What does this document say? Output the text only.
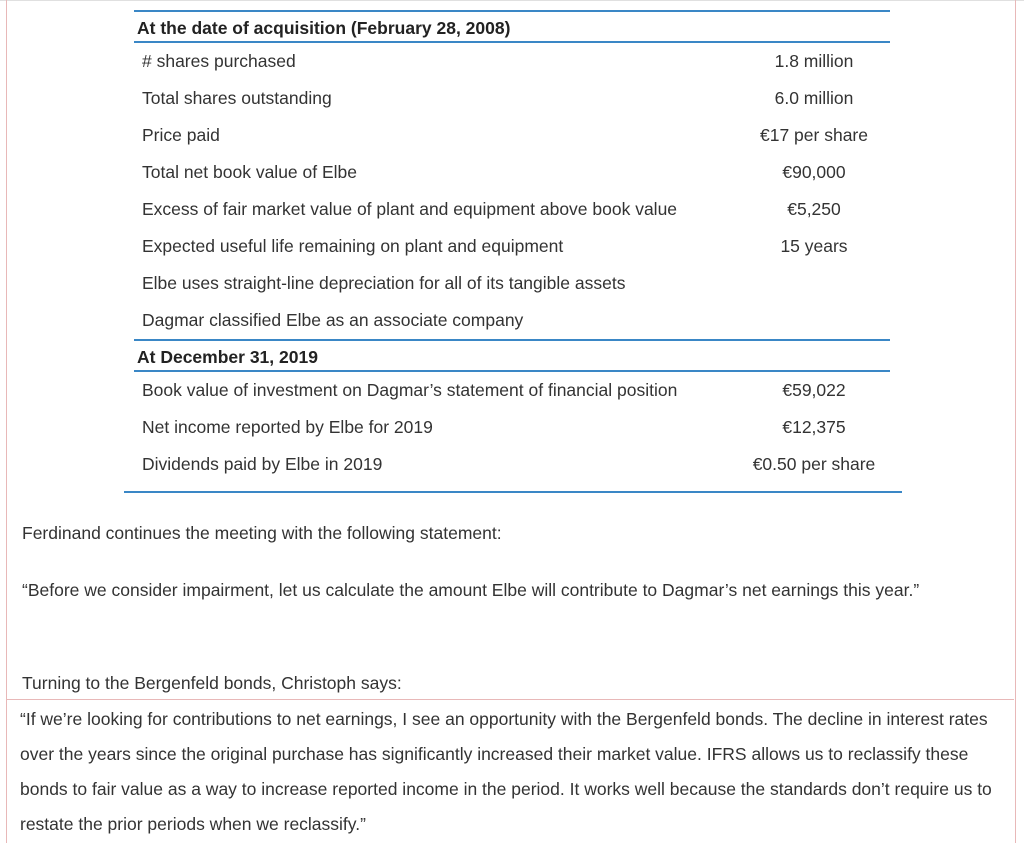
At the date of acquisition (February 28, 2008)
# shares purchased	1.8 million
Total shares outstanding	6.0 million
Price paid	€17 per share
Total net book value of Elbe	€90,000
Excess of fair market value of plant and equipment above book value	€5,250
Expected useful life remaining on plant and equipment	15 years
Elbe uses straight-line depreciation for all of its tangible assets
Dagmar classified Elbe as an associate company
At December 31, 2019
Book value of investment on Dagmar’s statement of financial position	€59,022
Net income reported by Elbe for 2019	€12,375
Dividends paid by Elbe in 2019	€0.50 per share
Ferdinand continues the meeting with the following statement:
“Before we consider impairment, let us calculate the amount Elbe will contribute to Dagmar’s net earnings this year.”
Turning to the Bergenfeld bonds, Christoph says:
“If we’re looking for contributions to net earnings, I see an opportunity with the Bergenfeld bonds. The decline in interest rates over the years since the original purchase has significantly increased their market value. IFRS allows us to reclassify these bonds to fair value as a way to increase reported income in the period. It works well because the standards don’t require us to restate the prior periods when we reclassify.”
